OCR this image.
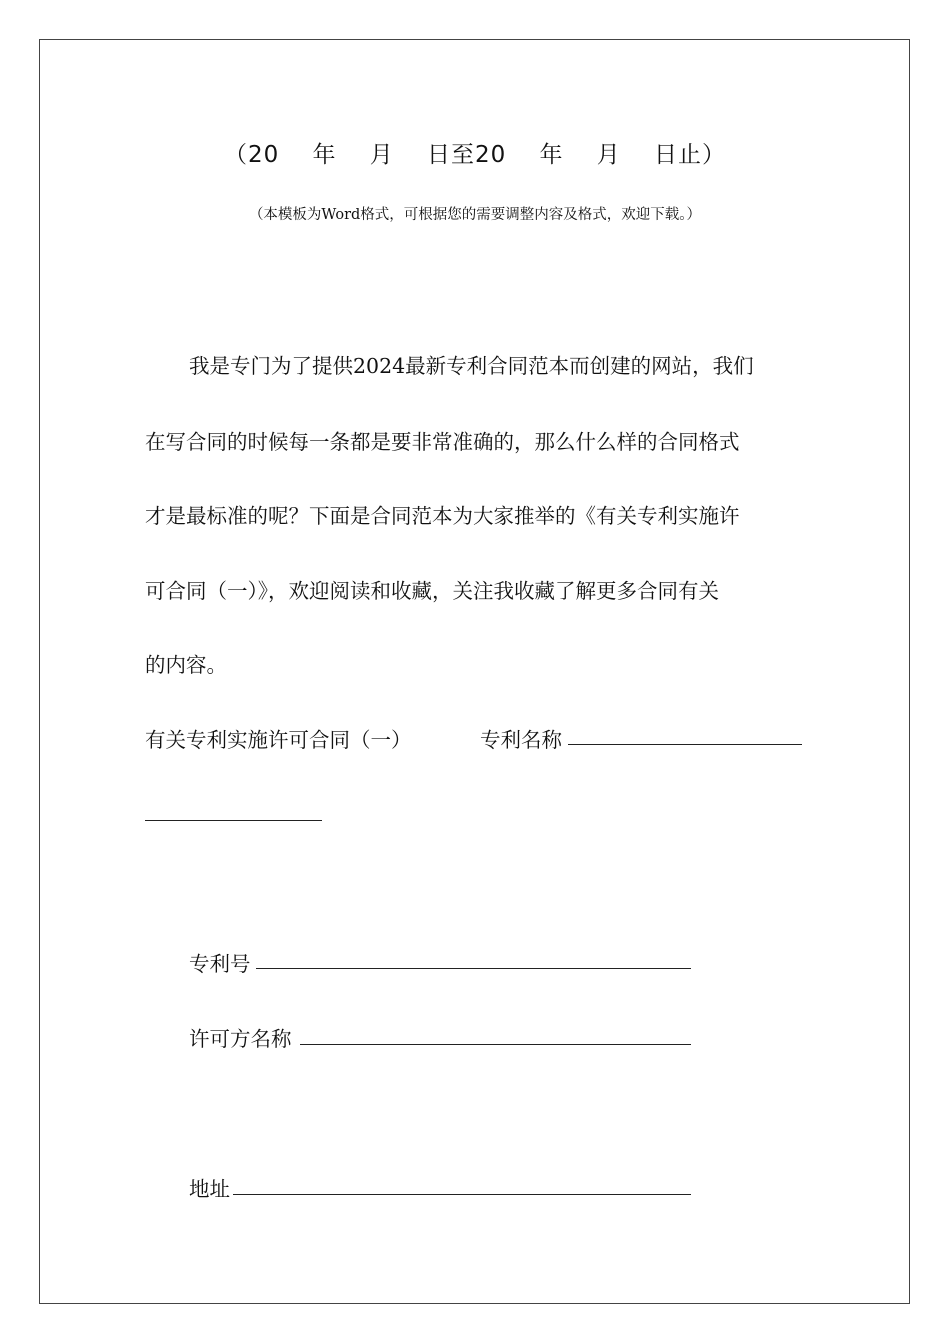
（20    年    月    日至20    年    月    日止）
（本模板为Word格式，可根据您的需要调整内容及格式，欢迎下载。）
我是专门为了提供2024最新专利合同范本而创建的网站，我们
在写合同的时候每一条都是要非常准确的，那么什么样的合同格式
才是最标准的呢？下面是合同范本为大家推举的《有关专利实施许
可合同（一）》，欢迎阅读和收藏，关注我收藏了解更多合同有关
的内容。
有关专利实施许可合同（一）	专利名称
专利号
许可方名称
地址
